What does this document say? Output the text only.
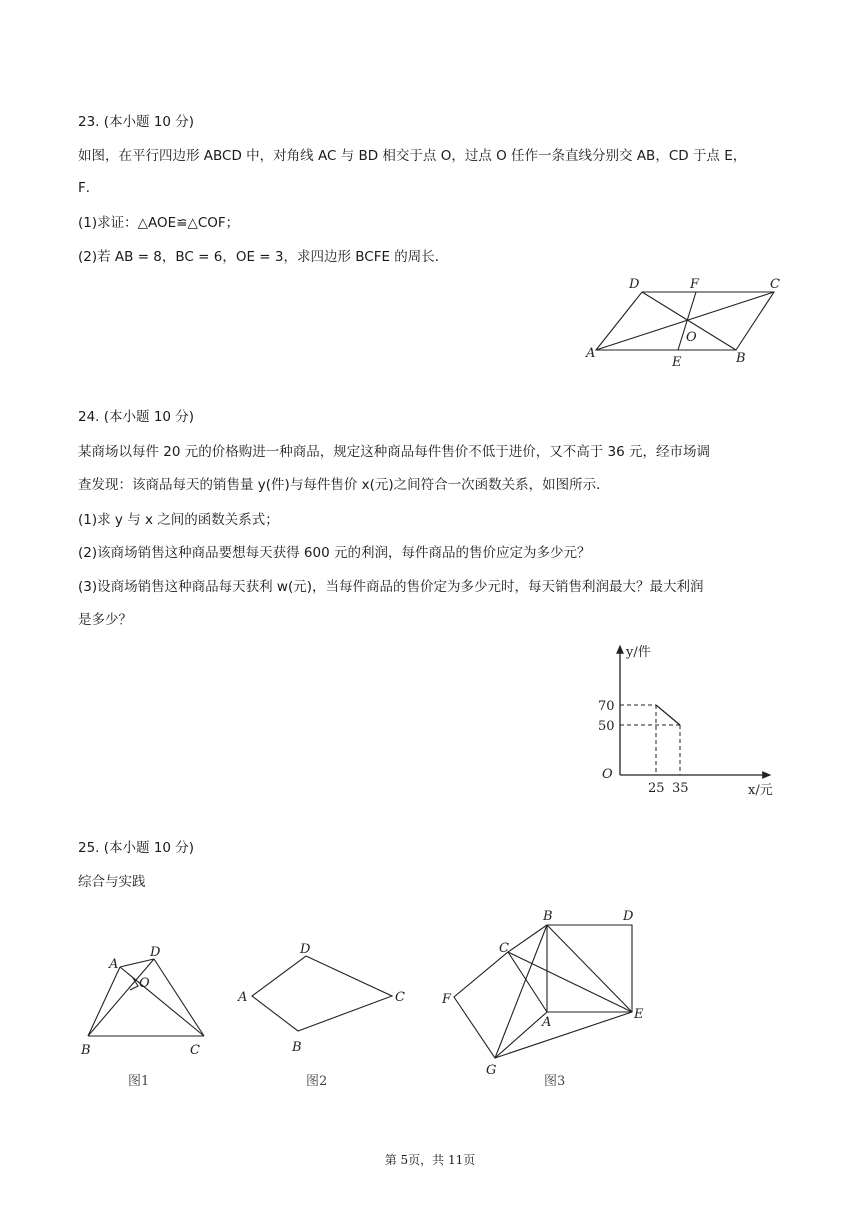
23. (本小题 10 分)
如图，在平行四边形 ABCD 中，对角线 AC 与 BD 相交于点 O，过点 O 任作一条直线分别交 AB，CD 于点 E，
F．
(1)求证：△AOE≌△COF；
(2)若 AB = 8，BC = 6，OE = 3，求四边形 BCFE 的周长．
D	F	C
O
A
E	B
24. (本小题 10 分)
某商场以每件 20 元的价格购进一种商品，规定这种商品每件售价不低于进价，又不高于 36 元，经市场调
查发现：该商品每天的销售量 y(件)与每件售价 x(元)之间符合一次函数关系，如图所示．
(1)求 y 与 x 之间的函数关系式；
(2)该商场销售这种商品要想每天获得 600 元的利润，每件商品的售价应定为多少元？
(3)设商场销售这种商品每天获利 w(元)，当每件商品的售价定为多少元时，每天销售利润最大？最大利润
是多少？
y/件
x/元
O
70
25
50
35
25. (本小题 10 分)
综合与实践
A
D
O
B	C
图1
D
A	C
B
图2
B	D
C
F
A
E
G
图3
第 5页，共 11页
